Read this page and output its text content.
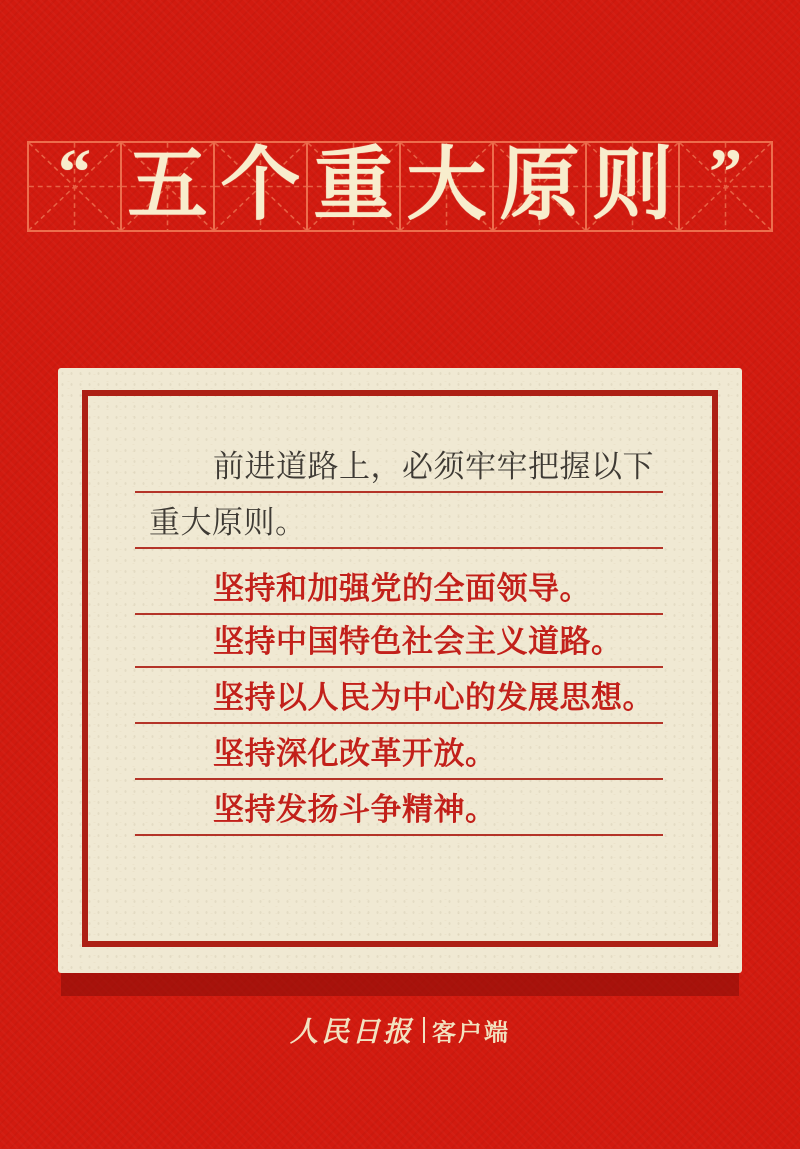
“ 五 个 重 大 原 则 ”
前进道路上，必须牢牢把握以下
重大原则。
坚持和加强党的全面领导。
坚持中国特色社会主义道路。
坚持以人民为中心的发展思想。
坚持深化改革开放。
坚持发扬斗争精神。
人民日报 客户端
